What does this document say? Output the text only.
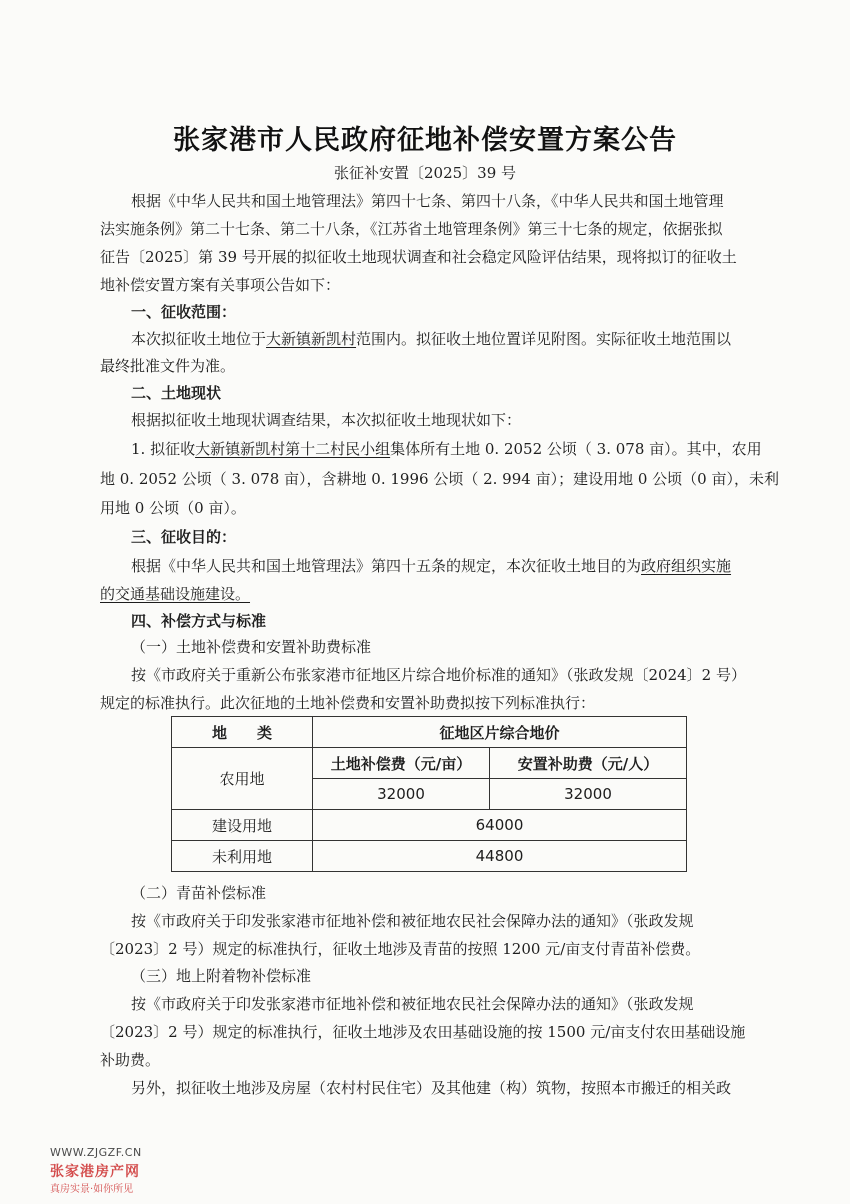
张家港市人民政府征地补偿安置方案公告
张征补安置〔2025〕39 号
根据《中华人民共和国土地管理法》第四十七条、第四十八条，《中华人民共和国土地管理
法实施条例》第二十七条、第二十八条，《江苏省土地管理条例》第三十七条的规定，依据张拟
征告〔2025〕第 39 号开展的拟征收土地现状调查和社会稳定风险评估结果，现将拟订的征收土
地补偿安置方案有关事项公告如下：
一、征收范围：
本次拟征收土地位于大新镇新凯村范围内。拟征收土地位置详见附图。实际征收土地范围以
最终批准文件为准。
二、土地现状
根据拟征收土地现状调查结果，本次拟征收土地现状如下：
1. 拟征收大新镇新凯村第十二村民小组集体所有土地 0. 2052 公顷（ 3. 078 亩）。其中，农用
地 0. 2052 公顷（ 3. 078 亩），含耕地 0. 1996 公顷（ 2. 994 亩）；建设用地 0 公顷（0 亩），未利
用地 0 公顷（0 亩）。
三、征收目的：
根据《中华人民共和国土地管理法》第四十五条的规定，本次征收土地目的为政府组织实施
的交通基础设施建设。
四、补偿方式与标准
（一）土地补偿费和安置补助费标准
按《市政府关于重新公布张家港市征地区片综合地价标准的通知》（张政发规〔2024〕2 号）
规定的标准执行。此次征地的土地补偿费和安置补助费拟按下列标准执行：
地　　类	征地区片综合地价	
农用地	土地补偿费（元/亩）	安置补助费（元/人）
	32000	32000
建设用地	64000	
未利用地	44800	
（二）青苗补偿标准
按《市政府关于印发张家港市征地补偿和被征地农民社会保障办法的通知》（张政发规
〔2023〕2 号）规定的标准执行，征收土地涉及青苗的按照 1200 元/亩支付青苗补偿费。
（三）地上附着物补偿标准
按《市政府关于印发张家港市征地补偿和被征地农民社会保障办法的通知》（张政发规
〔2023〕2 号）规定的标准执行，征收土地涉及农田基础设施的按 1500 元/亩支付农田基础设施
补助费。
另外，拟征收土地涉及房屋（农村村民住宅）及其他建（构）筑物，按照本市搬迁的相关政
WWW.ZJGZF.CN
张家港房产网
真房实景·如你所见
